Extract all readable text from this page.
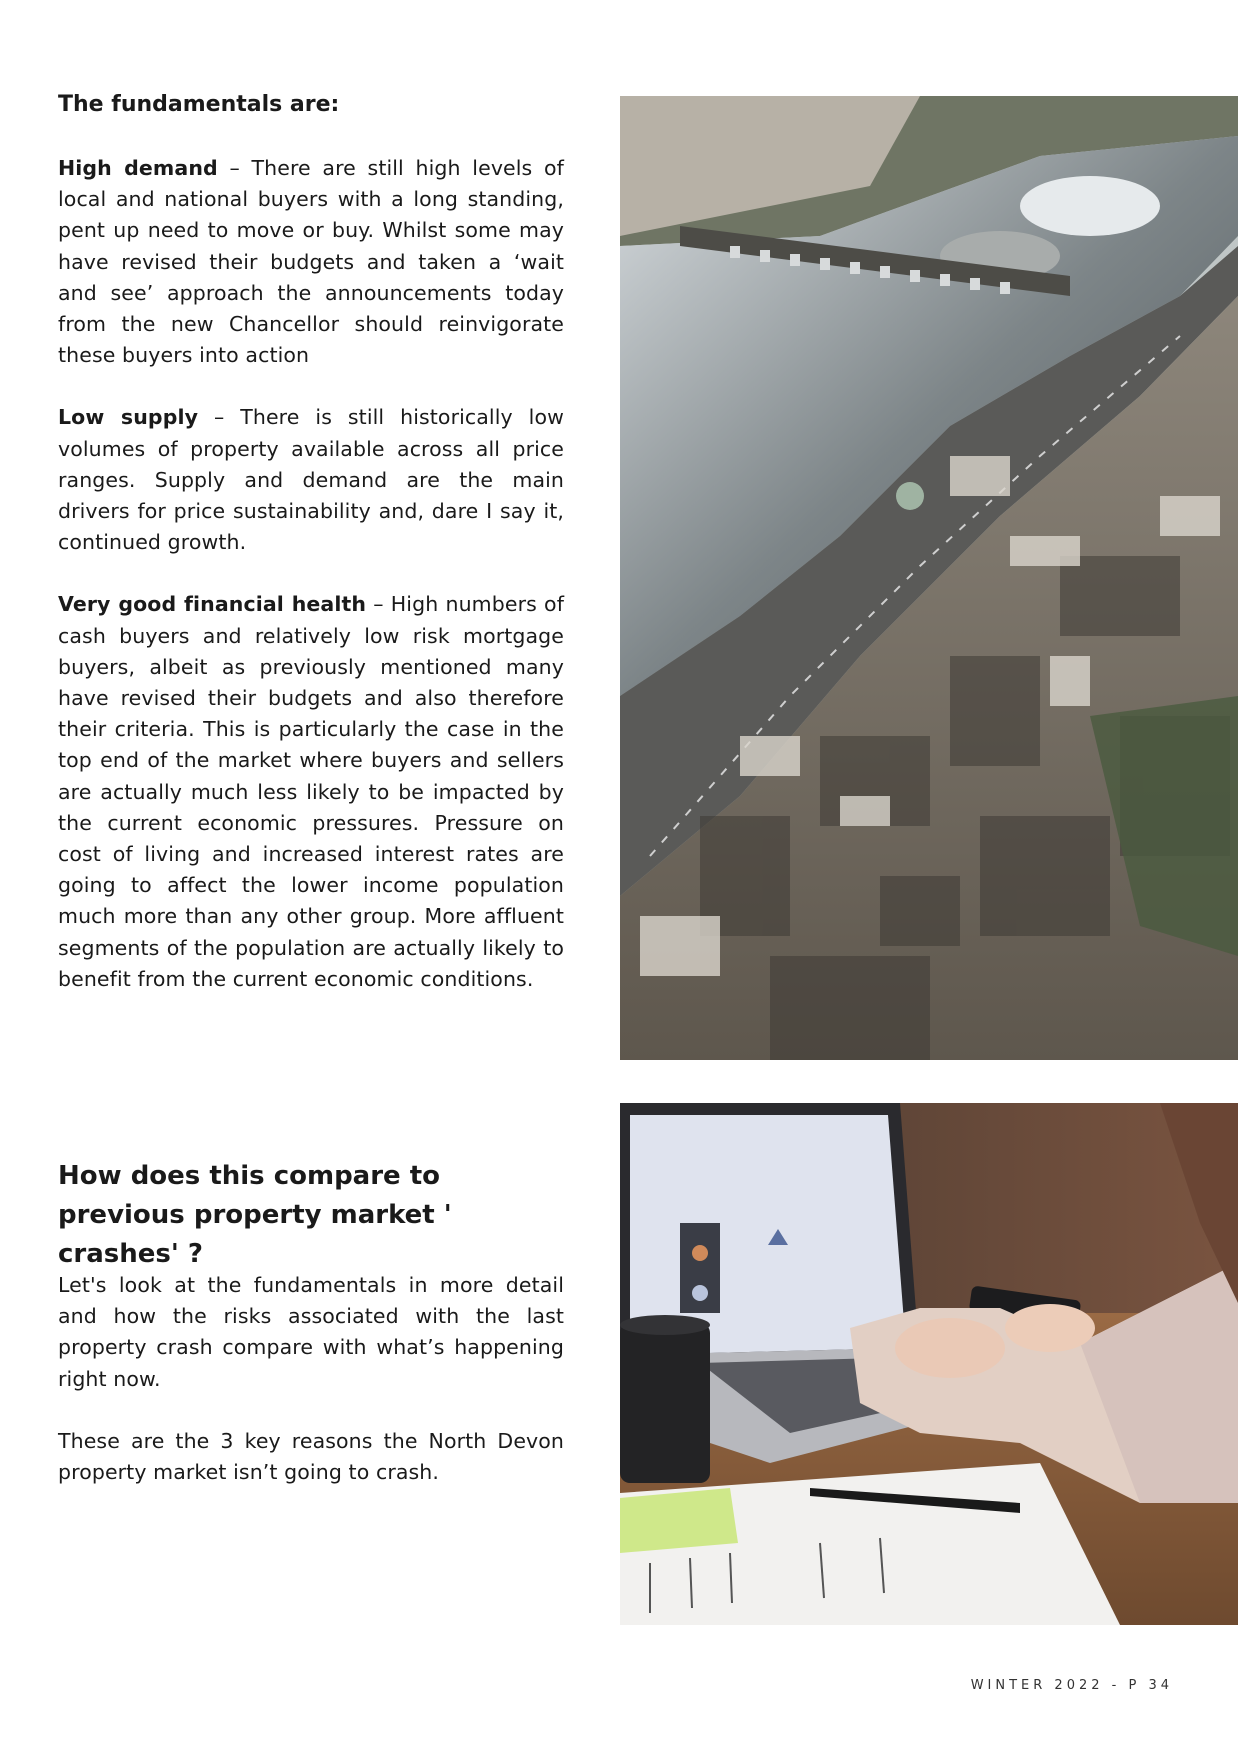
The fundamentals are:

High demand – There are still high levels of local and national buyers with a long standing, pent up need to move or buy. Whilst some may have revised their budgets and taken a ‘wait and see’ approach the announcements today from the new Chancellor should reinvigorate these buyers into action

Low supply – There is still historically low volumes of property available across all price ranges. Supply and demand are the main drivers for price sustainability and, dare I say it, continued growth.

Very good financial health – High numbers of cash buyers and relatively low risk mortgage buyers, albeit as previously mentioned many have revised their budgets and also therefore their criteria. This is particularly the case in the top end of the market where buyers and sellers are actually much less likely to be impacted by the current economic pressures. Pressure on cost of living and increased interest rates are going to affect the lower income population much more than any other group. More affluent segments of the population are actually likely to benefit from the current economic conditions.

How does this compare to previous property market ' crashes' ?

Let's look at the fundamentals in more detail and how the risks associated with the last property crash compare with what’s happening right now.

These are the 3 key reasons the North Devon property market isn’t going to crash.

WINTER 2022 - P 34
